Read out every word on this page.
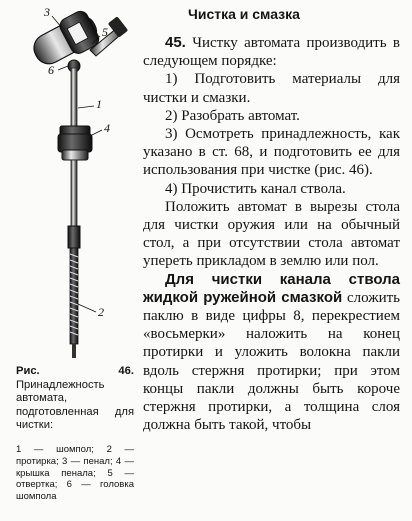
3
5
6
4
1
2
Рис. 46. Принадлежность автомата, подготовленная для чистки:
1 — шомпол; 2 — протирка; 3 — пенал; 4 — крышка пенала; 5 — отвертка; 6 — головка шомпола
Чистка и смазка

45. Чистку автомата производить в следующем порядке:

1) Подготовить материалы для чистки и смазки.

2) Разобрать автомат.

3) Осмотреть принадлежность, как указано в ст. 68, и подготовить ее для использования при чистке (рис. 46).

4) Прочистить канал ствола.

Положить автомат в вырезы стола для чистки оружия или на обычный стол, а при отсутствии стола автомат упереть прикладом в землю или пол.

Для чистки канала ствола жидкой ружейной смазкой сложить паклю в виде цифры 8, перекрестием «восьмерки» наложить на конец протирки и уложить волокна пакли вдоль стержня протирки; при этом концы пакли должны быть короче стержня протирки, а толщина слоя должна быть такой, чтобы
